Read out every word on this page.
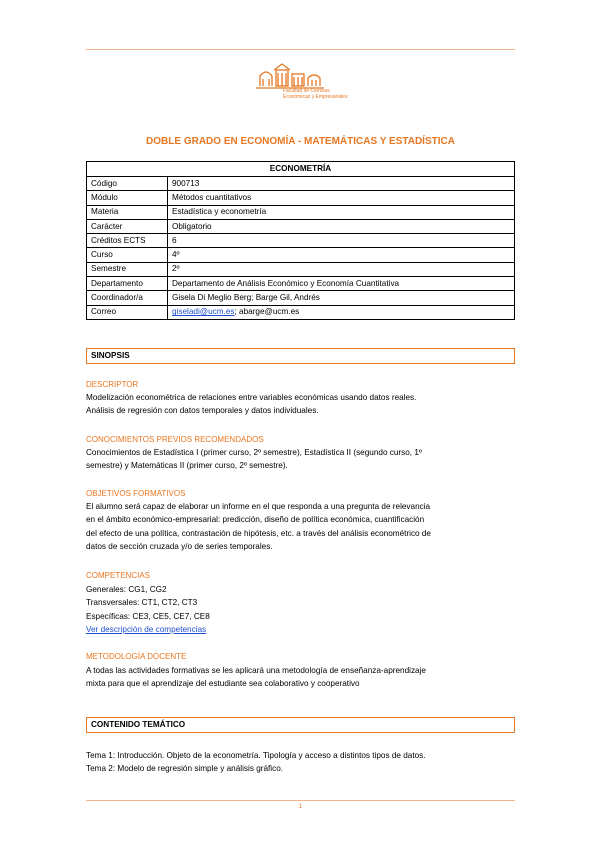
Facultad de Ciencias Económicas y Empresariales
DOBLE GRADO EN ECONOMÍA - MATEMÁTICAS Y ESTADÍSTICA
ECONOMETRÍA	
Código	900713
Módulo	Métodos cuantitativos
Materia	Estadística y econometría
Carácter	Obligatorio
Créditos ECTS	6
Curso	4º
Semestre	2º
Departamento	Departamento de Análisis Económico y Economía Cuantitativa
Coordinador/a	Gisela Di Meglio Berg; Barge Gil, Andrés
Correo	giseladi@ucm.es; abarge@ucm.es
SINOPSIS
DESCRIPTOR
Modelización econométrica de relaciones entre variables económicas usando datos reales.
Análisis de regresión con datos temporales y datos individuales.
CONOCIMIENTOS PREVIOS RECOMENDADOS
Conocimientos de Estadística I (primer curso, 2º semestre), Estadística II (segundo curso, 1º
semestre) y Matemáticas II (primer curso, 2º semestre).
OBJETIVOS FORMATIVOS
El alumno será capaz de elaborar un informe en el que responda a una pregunta de relevancia
en el ámbito económico-empresarial: predicción, diseño de política económica, cuantificación
del efecto de una política, contrastación de hipótesis, etc. a través del análisis econométrico de
datos de sección cruzada y/o de series temporales.
COMPETENCIAS
Generales: CG1, CG2
Transversales: CT1, CT2, CT3
Específicas: CE3, CE5, CE7, CE8
Ver descripción de competencias
METODOLOGÍA DOCENTE
A todas las actividades formativas se les aplicará una metodología de enseñanza-aprendizaje
mixta para que el aprendizaje del estudiante sea colaborativo y cooperativo
CONTENIDO TEMÁTICO
Tema 1: Introducción. Objeto de la econometría. Tipología y acceso a distintos tipos de datos.
Tema 2: Modelo de regresión simple y análisis gráfico.
1
